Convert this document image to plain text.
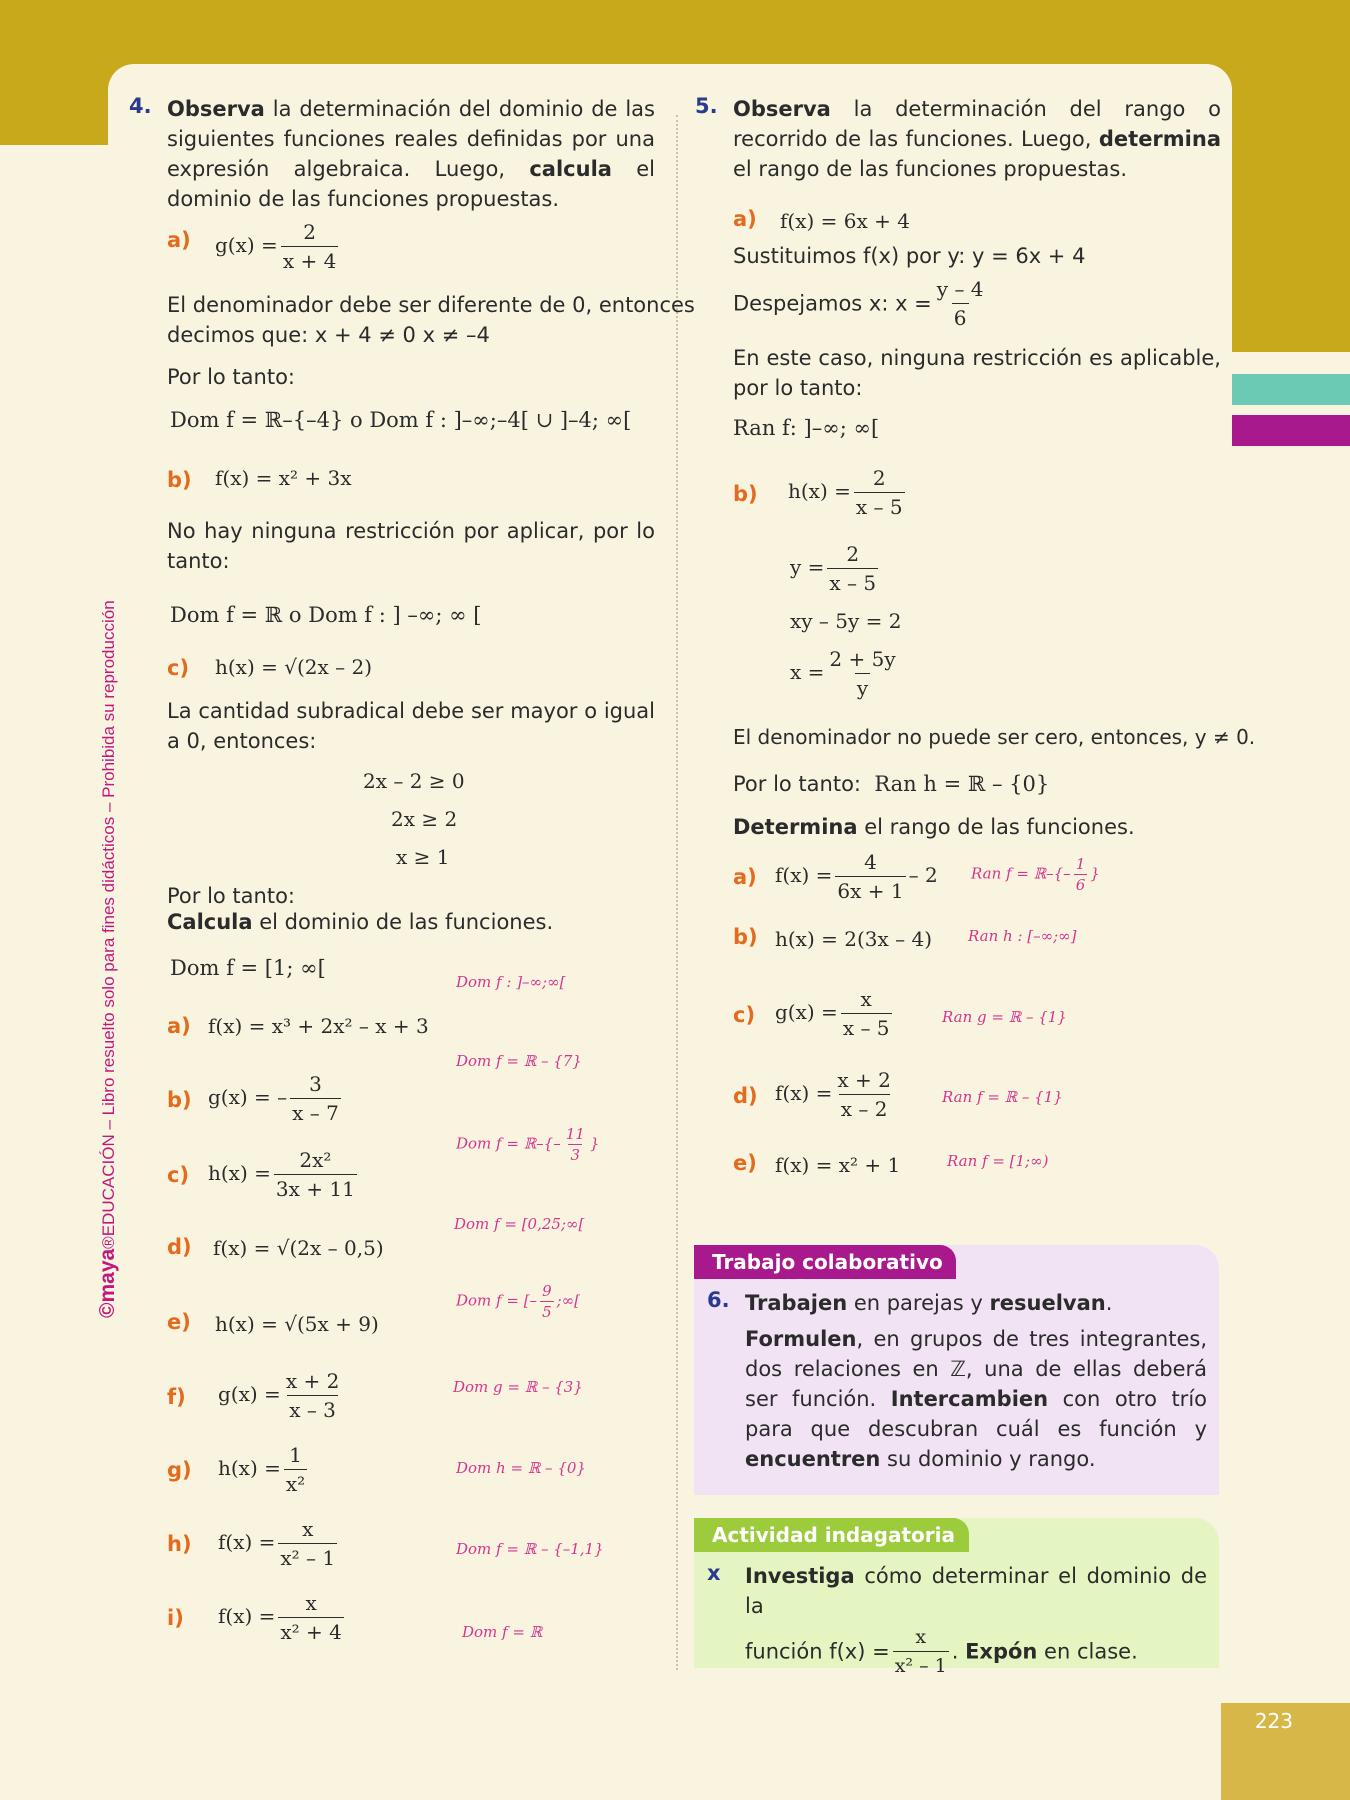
223
©maya®EDUCACIÓN – Libro resuelto solo para fines didácticos – Prohibida su reproducción
4. Observa la determinación del dominio de las siguientes funciones reales definidas por una expresión algebraica. Luego, calcula el dominio de las funciones propuestas.
a) $g(x) = \frac{2}{x + 4}$
El denominador debe ser diferente de 0, entonces
decimos que: x + 4 ≠ 0 x ≠ –4
Por lo tanto:
Dom f = ℝ–{–4} o Dom f : ]–∞;–4[ ∪ ]–4; ∞[
b) f(x) = x² + 3x
No hay ninguna restricción por aplicar, por lo tanto:
Dom f = ℝ o Dom f : ] –∞; ∞ [
c) h(x) = √(2x – 2)
La cantidad subradical debe ser mayor o igual a 0, entonces:
2x – 2 ≥ 0
2x ≥ 2
x ≥ 1
Por lo tanto:
Calcula el dominio de las funciones.
Dom f = [1; ∞[
Dom f : ]–∞;∞[
a) f(x) = x³ + 2x² – x + 3
Dom f = ℝ – {7}
b) g(x) = – $\frac{3}{x - 7}$
Dom f = ℝ–{– $\frac{11}{3}$ }
c) $h(x) = \frac{\text{2x²}}{3x + 11}$
Dom f = [0,25;∞[
d) f(x) = √(2x – 0,5)
Dom f = [– $\frac{9}{5}$ ;∞[
e) h(x) = √(5x + 9)
Dom g = ℝ – {3}
f) $g(x) = \frac{x + 2}{x - 3}$
Dom h = ℝ – {0}
g) $h(x) = \frac{1}{\text{x²}}$
Dom f = ℝ – {–1,1}
h) $f(x) = \frac{x}{\text{x² – 1}}$
Dom f = ℝ
i) $f(x) = \frac{x}{\text{x² + 4}}$
5. Observa la determinación del rango o recorrido de las funciones. Luego, determina el rango de las funciones propuestas.
a) f(x) = 6x + 4
Sustituimos f(x) por y: y = 6x + 4
Despejamos x: $x = \frac{y - 4}{6}$
En este caso, ninguna restricción es aplicable, por lo tanto:
Ran f: ]–∞; ∞[
b) $h(x) = \frac{2}{x - 5}$
$y = \frac{2}{x - 5}$
xy – 5y = 2
$x = \frac{2 + 5y}{y}$
El denominador no puede ser cero, entonces, y ≠ 0.
Por lo tanto: Ran h = ℝ – {0}
Determina el rango de las funciones.
a) $f(x) = \frac{4}{6x + 1} - 2$ Ran f = ℝ–{– $\frac{1}{6}$ }
b) h(x) = 2(3x – 4) Ran h : [–∞;∞]
c) $g(x) = \frac{x}{x - 5}$	Ran g = ℝ – {1}
d) $f(x) = \frac{x + 2}{x - 2}$	Ran f = ℝ – {1}
e) f(x) = x² + 1	Ran f = [1;∞)
Trabajo colaborativo
6. Trabajen en parejas y resuelvan.
Formulen, en grupos de tres integrantes, dos relaciones en ℤ, una de ellas deberá ser función. Intercambien con otro trío para que descubran cuál es función y encuentren su dominio y rango.
Actividad indagatoria
x Investiga cómo determinar el dominio de la
función $f(x) = \frac{x}{\text{x² – 1}}$ . Expón en clase.
